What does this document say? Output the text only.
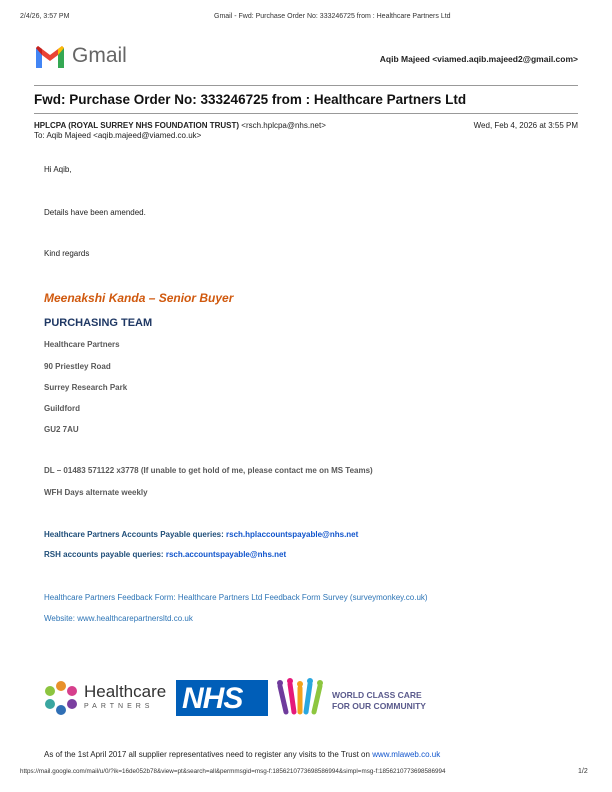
2/4/26, 3:57 PM	Gmail - Fwd: Purchase Order No: 333246725 from : Healthcare Partners Ltd
Gmail	Aqib Majeed <viamed.aqib.majeed2@gmail.com>
Fwd: Purchase Order No: 333246725 from : Healthcare Partners Ltd
HPLCPA (ROYAL SURREY NHS FOUNDATION TRUST) <rsch.hplcpa@nhs.net>	Wed, Feb 4, 2026 at 3:55 PM
To: Aqib Majeed <aqib.majeed@viamed.co.uk>
Hi Aqib,
Details have been amended.
Kind regards
Meenakshi Kanda – Senior Buyer
PURCHASING TEAM
Healthcare Partners
90 Priestley Road
Surrey Research Park
Guildford
GU2 7AU
DL – 01483 571122 x3778 (If unable to get hold of me, please contact me on MS Teams)
WFH Days alternate weekly
Healthcare Partners Accounts Payable queries: rsch.hplaccountspayable@nhs.net
RSH accounts payable queries: rsch.accountspayable@nhs.net
Healthcare Partners Feedback Form: Healthcare Partners Ltd Feedback Form Survey (surveymonkey.co.uk)
Website: www.healthcarepartnersltd.co.uk
Healthcare
PARTNERS NHS	WORLD CLASS CARE
FOR OUR COMMUNITY
As of the 1st April 2017 all supplier representatives need to register any visits to the Trust on www.mlaweb.co.uk
https://mail.google.com/mail/u/0/?ik=16de052b78&view=pt&search=all&permmsgid=msg-f:1856210773698586994&simpl=msg-f:1856210773698586994	1/2
